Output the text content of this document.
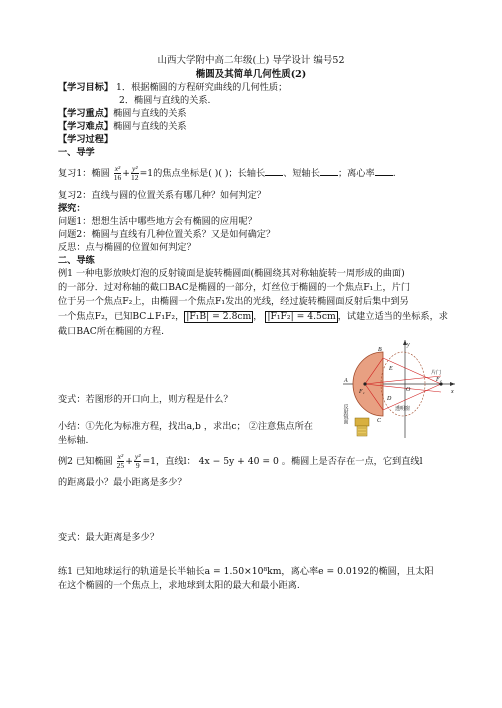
山西大学附中高二年级(上) 导学设计 编号52
椭圆及其简单几何性质(2)
【学习目标】 1．根据椭圆的方程研究曲线的几何性质；
2．椭圆与直线的关系.
【学习重点】椭圆与直线的关系
【学习难点】椭圆与直线的关系
【学习过程】
一、导学
复习1：椭圆 $\frac{\text{x²}}{16} + \frac{\text{y²}}{12} =1$的焦点坐标是( )( )；长轴长 、短轴长 ；离心率 .
复习2：直线与圆的位置关系有哪几种？如何判定？
探究：
问题1：想想生活中哪些地方会有椭圆的应用呢？
问题2：椭圆与直线有几种位置关系？又是如何确定？
反思：点与椭圆的位置如何判定？
二、导练
例1 一种电影放映灯泡的反射镜面是旋转椭圆面(椭圆绕其对称轴旋转一周形成的曲面)
的一部分．过对称轴的截口BAC是椭圆的一部分，灯丝位于椭圆的一个焦点F₁上，片门
位于另一个焦点F₂上，由椭圆一个焦点F₁发出的光线，经过旋转椭圆面反射后集中到另
一个焦点F₂，已知BC⊥F₁F₂， |F₁B| = 2.8cm ， |F₁F₂| = 4.5cm ，试建立适当的坐标系，求
截口BAC所在椭圆的方程.
y
B
A
F₁
F₂
x
C
E
D
O
反射镜面
片门
透明窗
变式：若图形的开口向上，则方程是什么？
小结：①先化为标准方程，找出a,b ，求出c； ②注意焦点所在
坐标轴.
例2 已知椭圆 $\frac{\text{x²}}{25} + \frac{\text{y²}}{9} =1$，直线l： 4x − 5y + 40 = 0 。椭圆上是否存在一点，它到直线l
的距离最小？最小距离是多少？
变式：最大距离是多少？
练1 已知地球运行的轨道是长半轴长a = 1.50×10⁸km，离心率e = 0.0192的椭圆，且太阳
在这个椭圆的一个焦点上，求地球到太阳的最大和最小距离.
